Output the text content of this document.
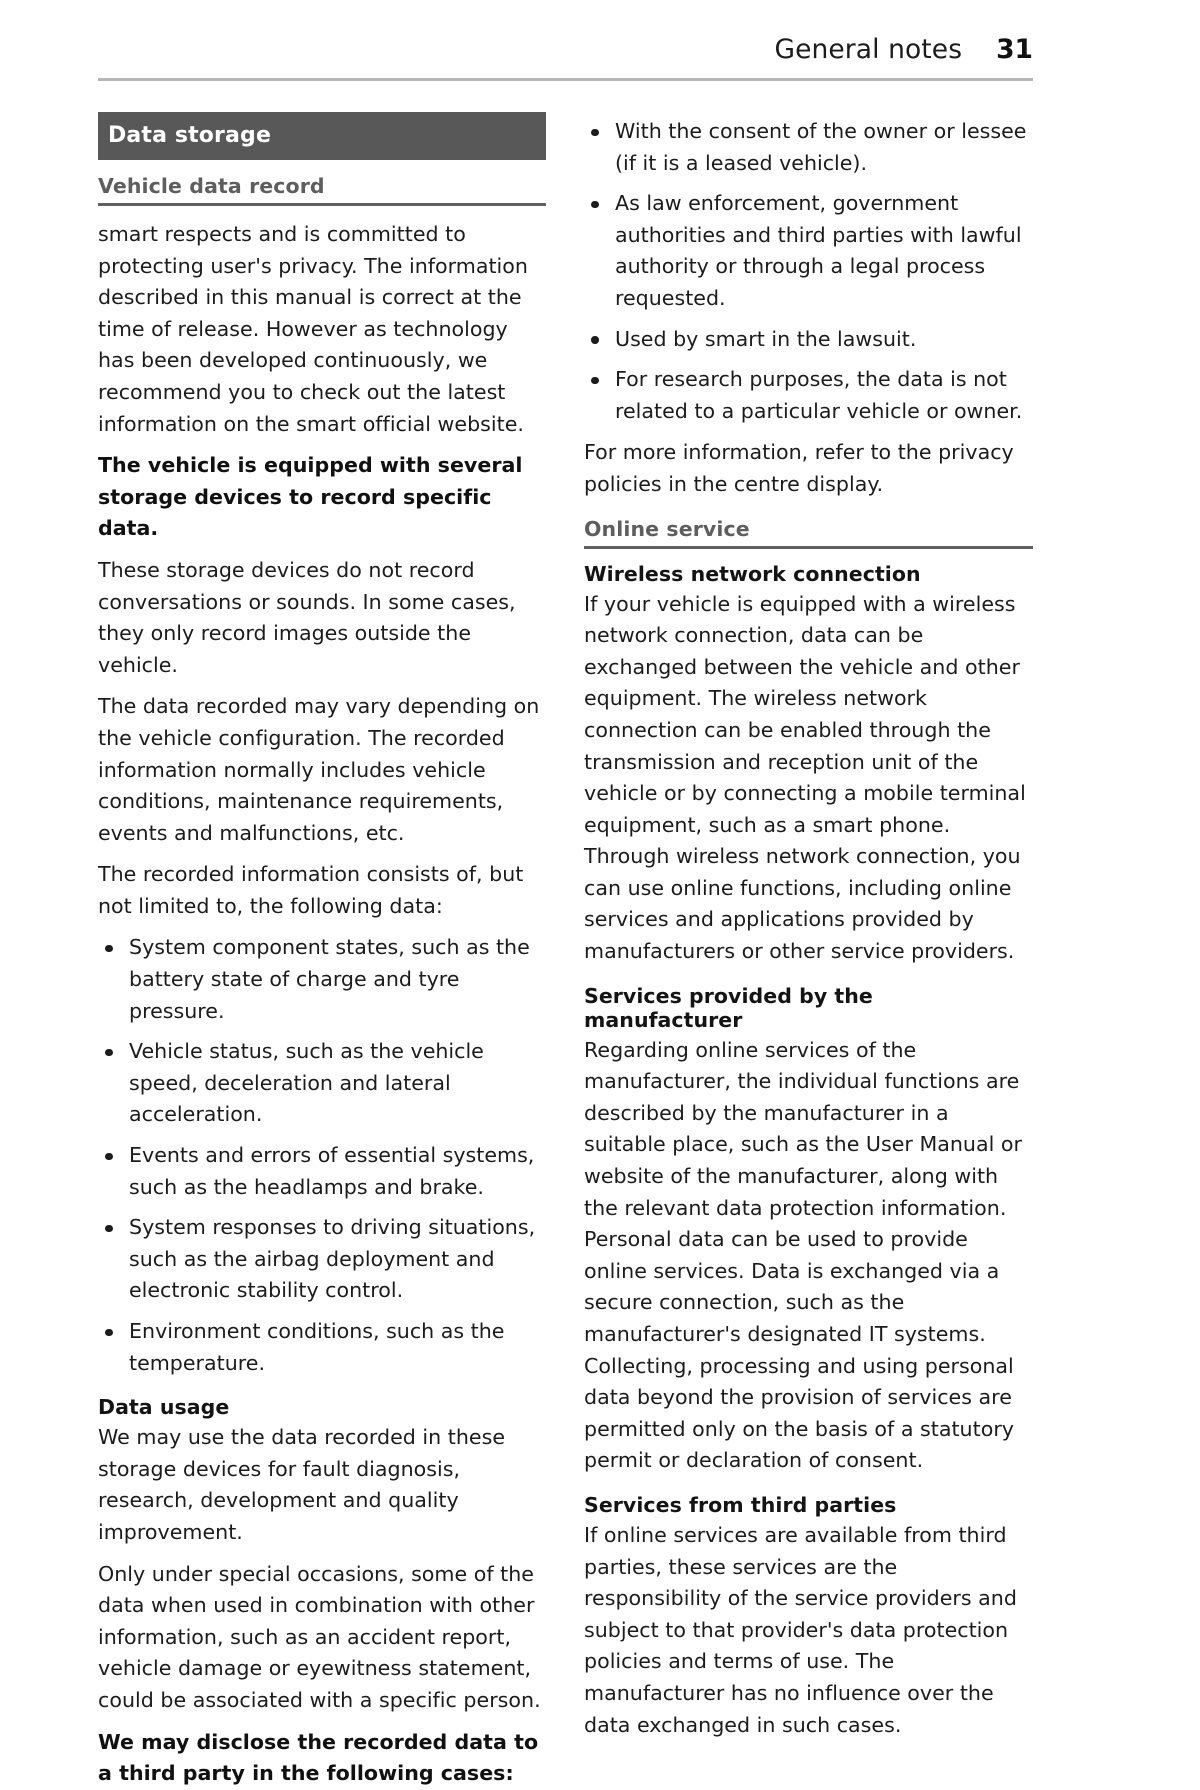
General notes 31
Data storage
Vehicle data record

smart respects and is committed to protecting user's privacy. The information described in this manual is correct at the time of release. However as technology has been developed continuously, we recommend you to check out the latest information on the smart official website.

The vehicle is equipped with several storage devices to record specific data.

These storage devices do not record conversations or sounds. In some cases, they only record images outside the vehicle.

The data recorded may vary depending on the vehicle configuration. The recorded information normally includes vehicle conditions, maintenance requirements, events and malfunctions, etc.

The recorded information consists of, but not limited to, the following data:

System component states, such as the battery state of charge and tyre pressure.
Vehicle status, such as the vehicle speed, deceleration and lateral acceleration.
Events and errors of essential systems, such as the headlamps and brake.
System responses to driving situations, such as the airbag deployment and electronic stability control.
Environment conditions, such as the temperature.
Data usage

We may use the data recorded in these storage devices for fault diagnosis, research, development and quality improvement.

Only under special occasions, some of the data when used in combination with other information, such as an accident report, vehicle damage or eyewitness statement, could be associated with a specific person.

We may disclose the recorded data to a third party in the following cases:

With the consent of the owner or lessee (if it is a leased vehicle).
As law enforcement, government authorities and third parties with lawful authority or through a legal process requested.
Used by smart in the lawsuit.
For research purposes, the data is not related to a particular vehicle or owner.

For more information, refer to the privacy policies in the centre display.

Online service
Wireless network connection

If your vehicle is equipped with a wireless network connection, data can be exchanged between the vehicle and other equipment. The wireless network connection can be enabled through the transmission and reception unit of the vehicle or by connecting a mobile terminal equipment, such as a smart phone. Through wireless network connection, you can use online functions, including online services and applications provided by manufacturers or other service providers.

Services provided by the manufacturer

Regarding online services of the manufacturer, the individual functions are described by the manufacturer in a suitable place, such as the User Manual or website of the manufacturer, along with the relevant data protection information. Personal data can be used to provide online services. Data is exchanged via a secure connection, such as the manufacturer's designated IT systems. Collecting, processing and using personal data beyond the provision of services are permitted only on the basis of a statutory permit or declaration of consent.

Services from third parties

If online services are available from third parties, these services are the responsibility of the service providers and subject to that provider's data protection policies and terms of use. The manufacturer has no influence over the data exchanged in such cases.
